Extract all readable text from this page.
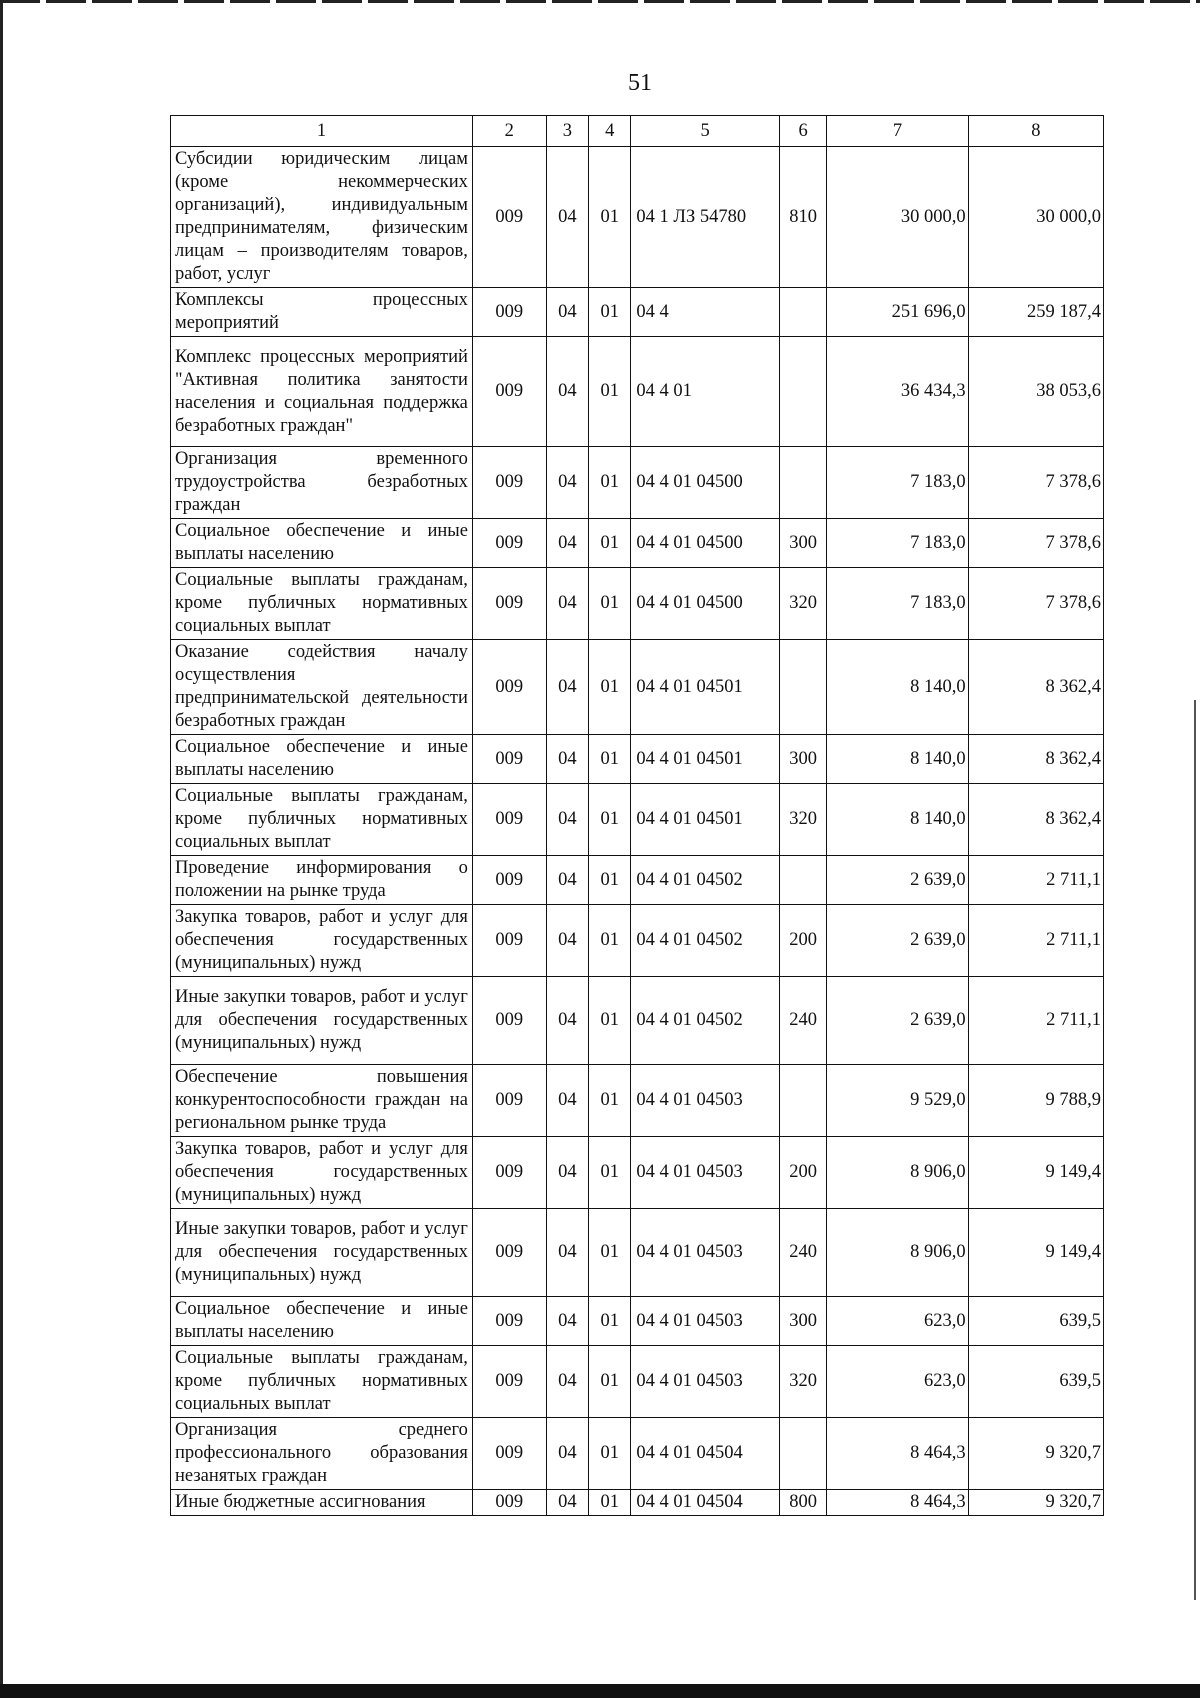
51
1	2	3	4	5	6	7	8
Субсидии юридическим лицам (кроме некоммерческих организаций), индивидуальным предпринимателям, физическим лицам – производителям товаров, работ, услуг	009	04	01	04 1 ЛЗ 54780	810	30 000,0	30 000,0
Комплексы процессных мероприятий	009	04	01	04 4		251 696,0	259 187,4
Комплекс процессных мероприятий "Активная политика занятости населения и социальная поддержка безработных граждан"	009	04	01	04 4 01		36 434,3	38 053,6
Организация временного трудоустройства безработных граждан	009	04	01	04 4 01 04500		7 183,0	7 378,6
Социальное обеспечение и иные выплаты населению	009	04	01	04 4 01 04500	300	7 183,0	7 378,6
Социальные выплаты гражданам, кроме публичных нормативных социальных выплат	009	04	01	04 4 01 04500	320	7 183,0	7 378,6
Оказание содействия началу осуществления предпринимательской деятельности безработных граждан	009	04	01	04 4 01 04501		8 140,0	8 362,4
Социальное обеспечение и иные выплаты населению	009	04	01	04 4 01 04501	300	8 140,0	8 362,4
Социальные выплаты гражданам, кроме публичных нормативных социальных выплат	009	04	01	04 4 01 04501	320	8 140,0	8 362,4
Проведение информирования о положении на рынке труда	009	04	01	04 4 01 04502		2 639,0	2 711,1
Закупка товаров, работ и услуг для обеспечения государственных (муниципальных) нужд	009	04	01	04 4 01 04502	200	2 639,0	2 711,1
Иные закупки товаров, работ и услуг для обеспечения государственных (муниципальных) нужд	009	04	01	04 4 01 04502	240	2 639,0	2 711,1
Обеспечение повышения конкурентоспособности граждан на региональном рынке труда	009	04	01	04 4 01 04503		9 529,0	9 788,9
Закупка товаров, работ и услуг для обеспечения государственных (муниципальных) нужд	009	04	01	04 4 01 04503	200	8 906,0	9 149,4
Иные закупки товаров, работ и услуг для обеспечения государственных (муниципальных) нужд	009	04	01	04 4 01 04503	240	8 906,0	9 149,4
Социальное обеспечение и иные выплаты населению	009	04	01	04 4 01 04503	300	623,0	639,5
Социальные выплаты гражданам, кроме публичных нормативных социальных выплат	009	04	01	04 4 01 04503	320	623,0	639,5
Организация среднего профессионального образования незанятых граждан	009	04	01	04 4 01 04504		8 464,3	9 320,7
Иные бюджетные ассигнования	009	04	01	04 4 01 04504	800	8 464,3	9 320,7
